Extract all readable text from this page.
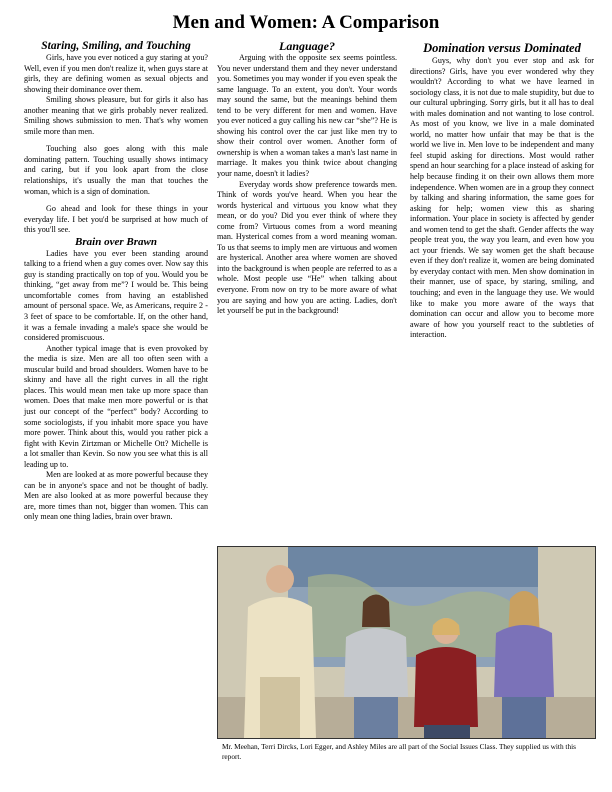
Men and Women: A Comparison

Staring, Smiling, and Touching

Girls, have you ever noticed a guy staring at you? Well, even if you men don't realize it, when guys stare at girls, they are defining women as sexual objects and showing their dominance over them.

Smiling shows pleasure, but for girls it also has another meaning that we girls probably never realized. Smiling shows submission to men. That's why women smile more than men.

Touching also goes along with this male dominating pattern. Touching usually shows intimacy and caring, but if you look apart from the close relationships, it's usually the man that touches the woman, which is a sign of domination.

Go ahead and look for these things in your everyday life. I bet you'd be surprised at how much of this you'll see.

Brain over Brawn

Ladies have you ever been standing around talking to a friend when a guy comes over. Now say this guy is standing practically on top of you. Would you be thinking, “get away from me”? I would be. This being uncomfortable comes from having an established amount of personal space. We, as Americans, require 2 - 3 feet of space to be comfortable. If, on the other hand, it was a female invading a male's space she would be considered promiscuous.

Another typical image that is even provoked by the media is size. Men are all too often seen with a muscular build and broad shoulders. Women have to be skinny and have all the right curves in all the right places. This would mean men take up more space than women. Does that make men more powerful or is that just our concept of the “perfect” body? According to some sociologists, if you inhabit more space you have more power. Think about this, would you rather pick a fight with Kevin Zirtzman or Michelle Ott? Michelle is a lot smaller than Kevin. So now you see what this is all leading up to.

Men are looked at as more powerful because they can be in anyone's space and not be thought of badly. Men are also looked at as more powerful because they are, more times than not, bigger than women. This can only mean one thing ladies, brain over brawn.

Language?

Arguing with the opposite sex seems pointless. You never understand them and they never understand you. Sometimes you may wonder if you even speak the same language. To an extent, you don't. Your words may sound the same, but the meanings behind them tend to be very different for men and women. Have you ever noticed a guy calling his new car “she”? He is showing his control over the car just like men try to show their control over women. Another form of ownership is when a woman takes a man's last name in marriage. It makes you think twice about changing your name, doesn't it ladies?

Everyday words show preference towards men. Think of words you've heard. When you hear the words hysterical and virtuous you know what they mean, or do you? Did you ever think of where they come from? Virtuous comes from a word meaning man. Hysterical comes from a word meaning woman. To us that seems to imply men are virtuous and women are hysterical. Another area where women are shoved into the background is when people are referred to as a whole. Most people use “He” when talking about everyone. From now on try to be more aware of what you are saying and how you are acting. Ladies, don't let yourself be put in the background!

Domination versus Dominated

Guys, why don't you ever stop and ask for directions? Girls, have you ever wondered why they wouldn't? According to what we have learned in sociology class, it is not due to male stupidity, but due to our cultural upbringing. Sorry girls, but it all has to deal with males domination and not wanting to lose control. As most of you know, we live in a male dominated world, no matter how unfair that may be that is the world we live in. Men love to be independent and many feel stupid asking for directions. Most would rather spend an hour searching for a place instead of asking for help because finding it on their own allows them more independence. When women are in a group they connect by talking and sharing information, the same goes for asking for help; women view this as sharing information. Your place in society is affected by gender and women tend to get the shaft. Gender affects the way people treat you, the way you learn, and even how you act your friends. We say women get the shaft because even if they don't realize it, women are being dominated by everyday contact with men. Men show domination in their manner, use of space, by staring, smiling, and touching; and even in the language they use. We would like to make you more aware of the ways that domination can occur and allow you to become more aware of how you yourself react to the subtleties of interaction.

Mr. Meehan, Terri Dircks, Lori Egger, and Ashley Miles are all part of the Social Issues Class. They supplied us with this report.
